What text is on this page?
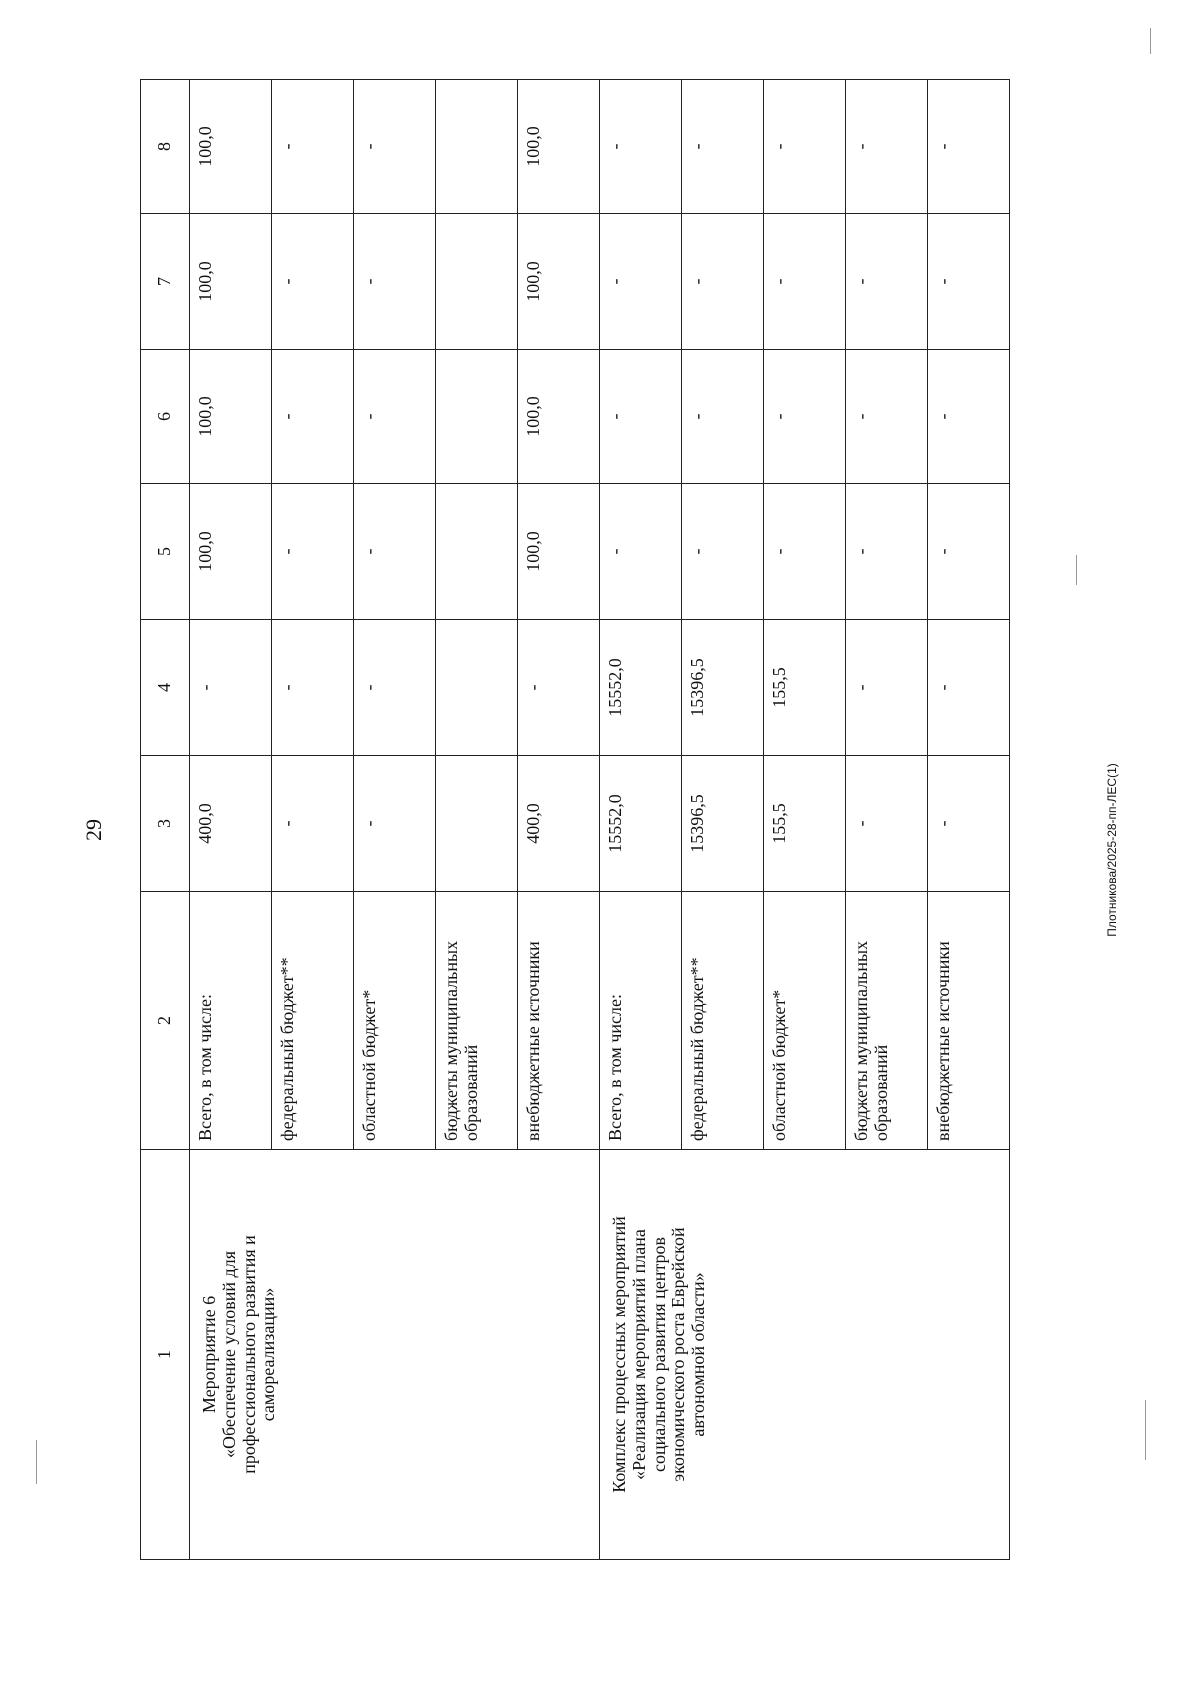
29	Плотникова/2025-28-пп-ЛЕС(1)
1	2	3	4	5	6	7	8

Мероприятие 6 «Обеспечение условий для профессионального развития и самореализации»	Всего, в том числе:	400,0	-	100,0	100,0	100,0	100,0
	федеральный бюджет**	-	-	-	-	-	-
	областной бюджет*	-	-	-	-	-	-
	бюджеты муниципальных образований						
	внебюджетные источники	400,0	-	100,0	100,0	100,0	100,0

Комплекс процессных мероприятий «Реализация мероприятий плана социального развития центров экономического роста Еврейской автономной области»	Всего, в том числе:	15552,0	15552,0	-	-	-	-
	федеральный бюджет**	15396,5	15396,5	-	-	-	-
	областной бюджет*	155,5	155,5	-	-	-	-
	бюджеты муниципальных образований	-	-	-	-	-	-
	внебюджетные источники	-	-	-	-	-	-
